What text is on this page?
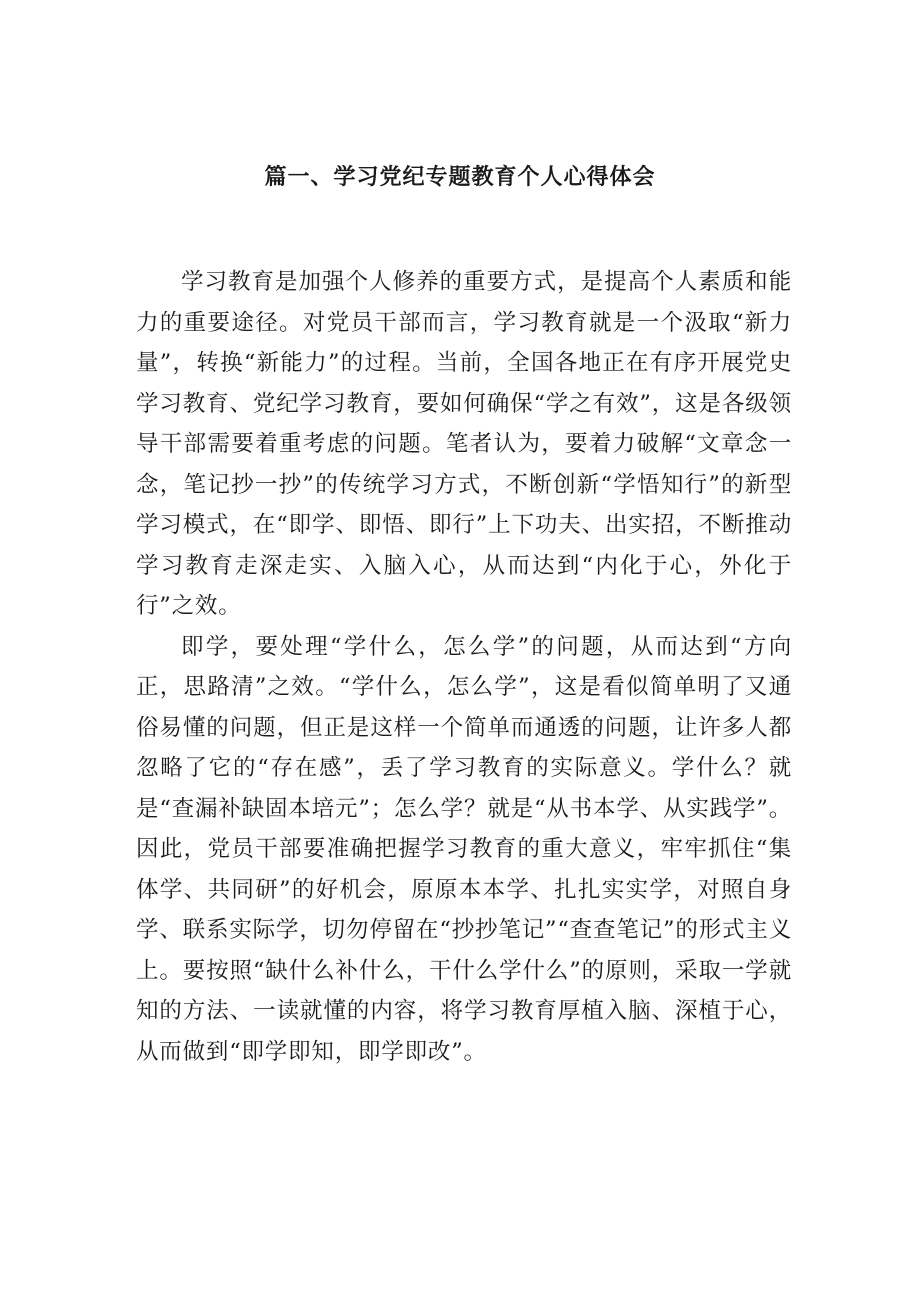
篇一、学习党纪专题教育个人心得体会

学习教育是加强个人修养的重要方式，是提高个人素质和能力的重要途径。对党员干部而言，学习教育就是一个汲取“新力量”，转换“新能力”的过程。当前，全国各地正在有序开展党史学习教育、党纪学习教育，要如何确保“学之有效”，这是各级领导干部需要着重考虑的问题。笔者认为，要着力破解“文章念一念，笔记抄一抄”的传统学习方式，不断创新“学悟知行”的新型学习模式，在“即学、即悟、即行”上下功夫、出实招，不断推动学习教育走深走实、入脑入心，从而达到“内化于心，外化于行”之效。

即学，要处理“学什么，怎么学”的问题，从而达到“方向正，思路清”之效。“学什么，怎么学”，这是看似简单明了又通俗易懂的问题，但正是这样一个简单而通透的问题，让许多人都忽略了它的“存在感”，丢了学习教育的实际意义。学什么？就是“查漏补缺固本培元”；怎么学？就是“从书本学、从实践学”。因此，党员干部要准确把握学习教育的重大意义，牢牢抓住“集体学、共同研”的好机会，原原本本学、扎扎实实学，对照自身学、联系实际学，切勿停留在“抄抄笔记”“查查笔记”的形式主义上。要按照“缺什么补什么，干什么学什么”的原则，采取一学就知的方法、一读就懂的内容，将学习教育厚植入脑、深植于心，从而做到“即学即知，即学即改”。
